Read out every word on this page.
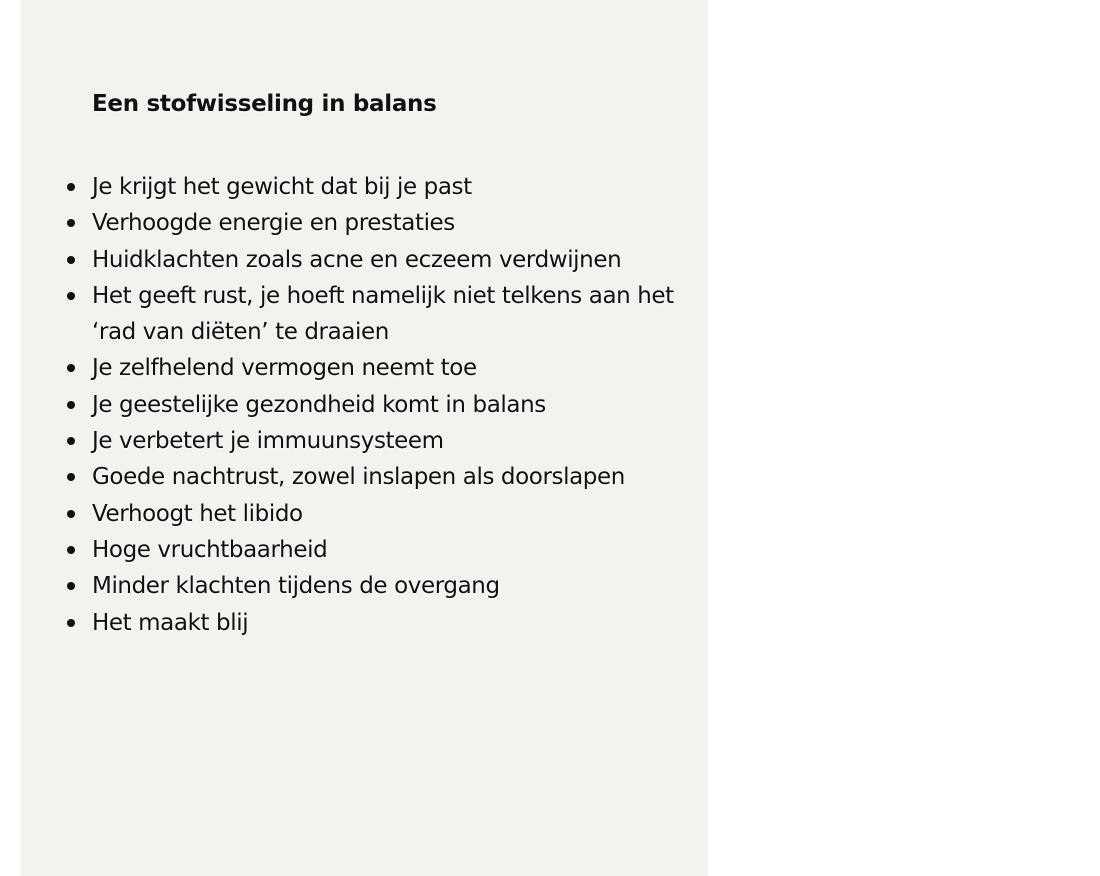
Een stofwisseling in balans
Je krijgt het gewicht dat bij je past
Verhoogde energie en prestaties
Huidklachten zoals acne en eczeem verdwijnen
Het geeft rust, je hoeft namelijk niet telkens aan het ‘rad van diëten’ te draaien
Je zelfhelend vermogen neemt toe
Je geestelijke gezondheid komt in balans
Je verbetert je immuunsysteem
Goede nachtrust, zowel inslapen als doorslapen
Verhoogt het libido
Hoge vruchtbaarheid
Minder klachten tijdens de overgang
Het maakt blij
